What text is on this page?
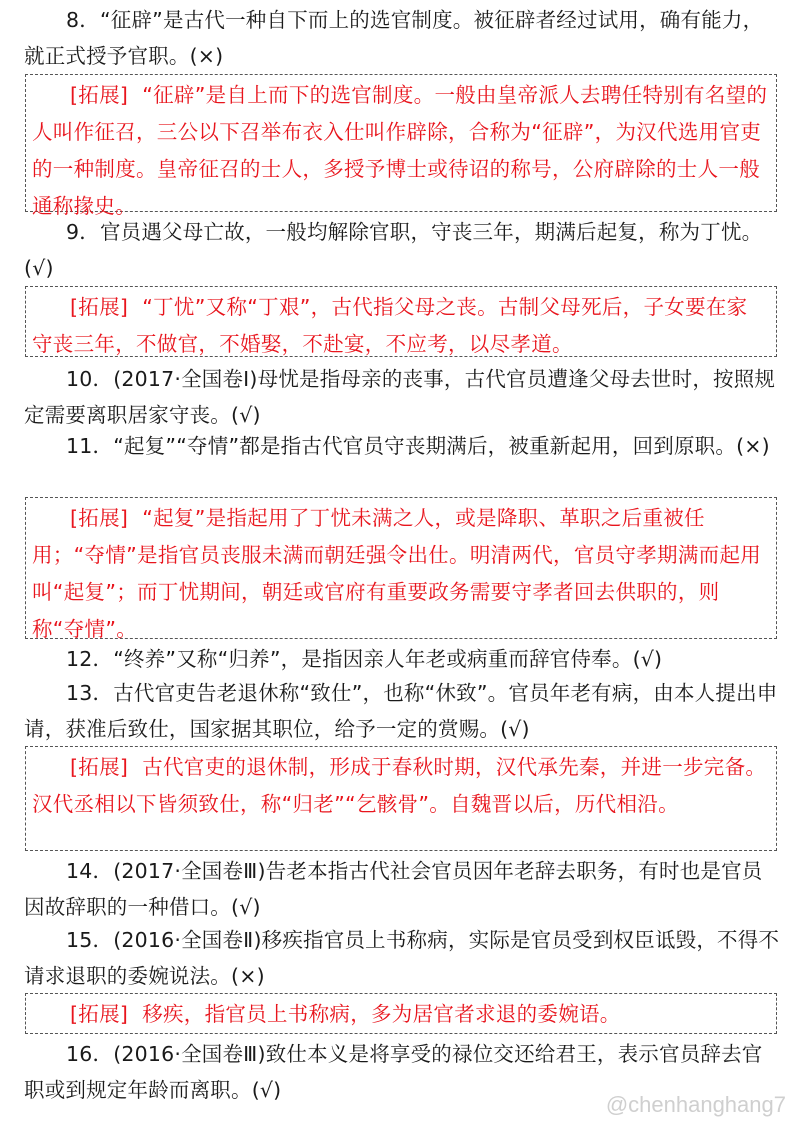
8．“征辟”是古代一种自下而上的选官制度。被征辟者经过试用，确有能力，就正式授予官职。(×)

[拓展] “征辟”是自上而下的选官制度。一般由皇帝派人去聘任特别有名望的人叫作征召，三公以下召举布衣入仕叫作辟除，合称为“征辟”，为汉代选用官吏的一种制度。皇帝征召的士人，多授予博士或待诏的称号，公府辟除的士人一般通称掾史。

9．官员遇父母亡故，一般均解除官职，守丧三年，期满后起复，称为丁忧。(√)

[拓展] “丁忧”又称“丁艰”，古代指父母之丧。古制父母死后，子女要在家守丧三年，不做官，不婚娶，不赴宴，不应考，以尽孝道。

10．(2017·全国卷Ⅰ)母忧是指母亲的丧事，古代官员遭逢父母去世时，按照规定需要离职居家守丧。(√)

11．“起复”“夺情”都是指古代官员守丧期满后，被重新起用，回到原职。(×)

[拓展] “起复”是指起用了丁忧未满之人，或是降职、革职之后重被任用；“夺情”是指官员丧服未满而朝廷强令出仕。明清两代，官员守孝期满而起用叫“起复”；而丁忧期间，朝廷或官府有重要政务需要守孝者回去供职的，则称“夺情”。

12．“终养”又称“归养”，是指因亲人年老或病重而辞官侍奉。(√)

13．古代官吏告老退休称“致仕”，也称“休致”。官员年老有病，由本人提出申请，获准后致仕，国家据其职位，给予一定的赏赐。(√)

[拓展] 古代官吏的退休制，形成于春秋时期，汉代承先秦，并进一步完备。汉代丞相以下皆须致仕，称“归老”“乞骸骨”。自魏晋以后，历代相沿。

14．(2017·全国卷Ⅲ)告老本指古代社会官员因年老辞去职务，有时也是官员因故辞职的一种借口。(√)

15．(2016·全国卷Ⅱ)移疾指官员上书称病，实际是官员受到权臣诋毁，不得不请求退职的委婉说法。(×)

[拓展] 移疾，指官员上书称病，多为居官者求退的委婉语。

16．(2016·全国卷Ⅲ)致仕本义是将享受的禄位交还给君王，表示官员辞去官职或到规定年龄而离职。(√)

@chenhanghang7
